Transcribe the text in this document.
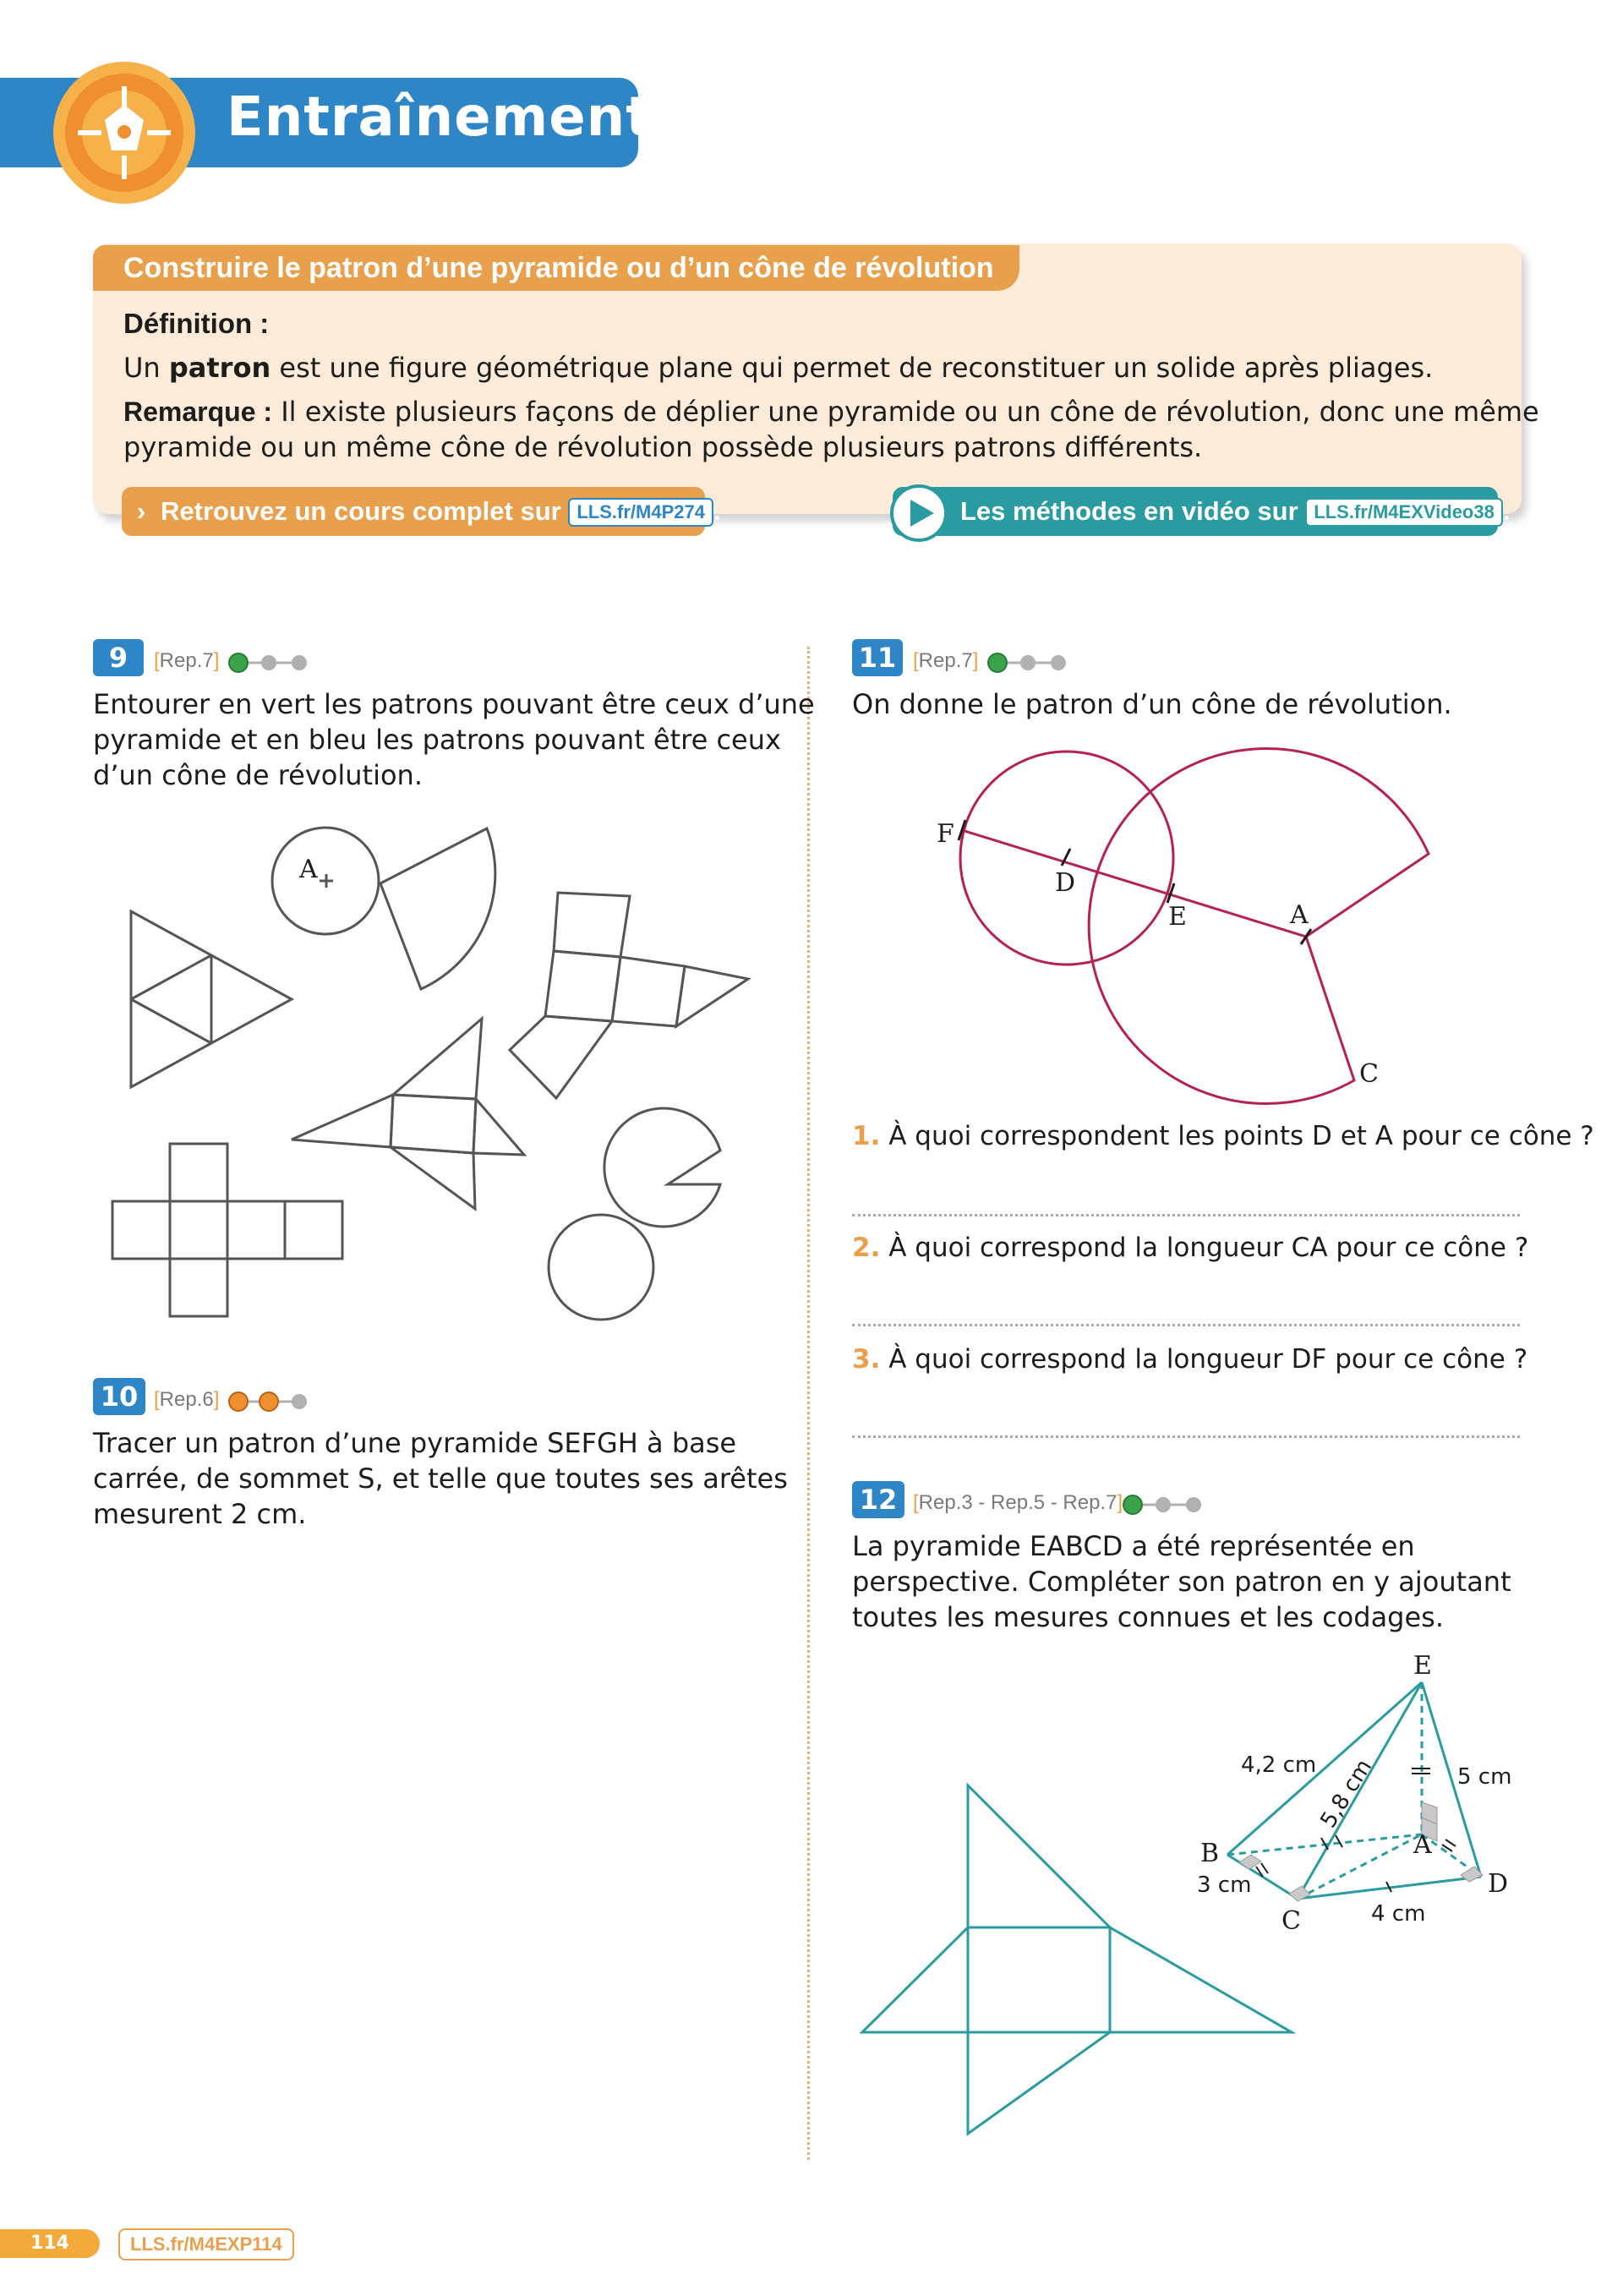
Entraînement
Construire le patron d’une pyramide ou d’un cône de révolution
Définition :
Un patron est une figure géométrique plane qui permet de reconstituer un solide après pliages.
Remarque : Il existe plusieurs façons de déplier une pyramide ou un cône de révolution, donc une même
pyramide ou un même cône de révolution possède plusieurs patrons différents.
› Retrouvez un cours complet sur LLS.fr/M4P274 .	Les méthodes en vidéo sur LLS.fr/M4EXVideo38 .
9	[Rep.7]
Entourer en vert les patrons pouvant être ceux d’une
pyramide et en bleu les patrons pouvant être ceux
d’un cône de révolution.
A
10 [Rep.6]
Tracer un patron d’une pyramide SEFGH à base
carrée, de sommet S, et telle que toutes ses arêtes
mesurent 2 cm.
11 [Rep.7]
On donne le patron d’un cône de révolution.
F
D
E	A
C
1. À quoi correspondent les points D et A pour ce cône ?
2. À quoi correspond la longueur CA pour ce cône ?
3. À quoi correspond la longueur DF pour ce cône ?
12 [Rep.3 - Rep.5 - Rep.7]
La pyramide EABCD a été représentée en
perspective. Compléter son patron en y ajoutant
toutes les mesures connues et les codages.
E
B	A
C
D
4,2 cm 5,8 cm	5 cm
3 cm
4 cm
114	LLS.fr/M4EXP114
